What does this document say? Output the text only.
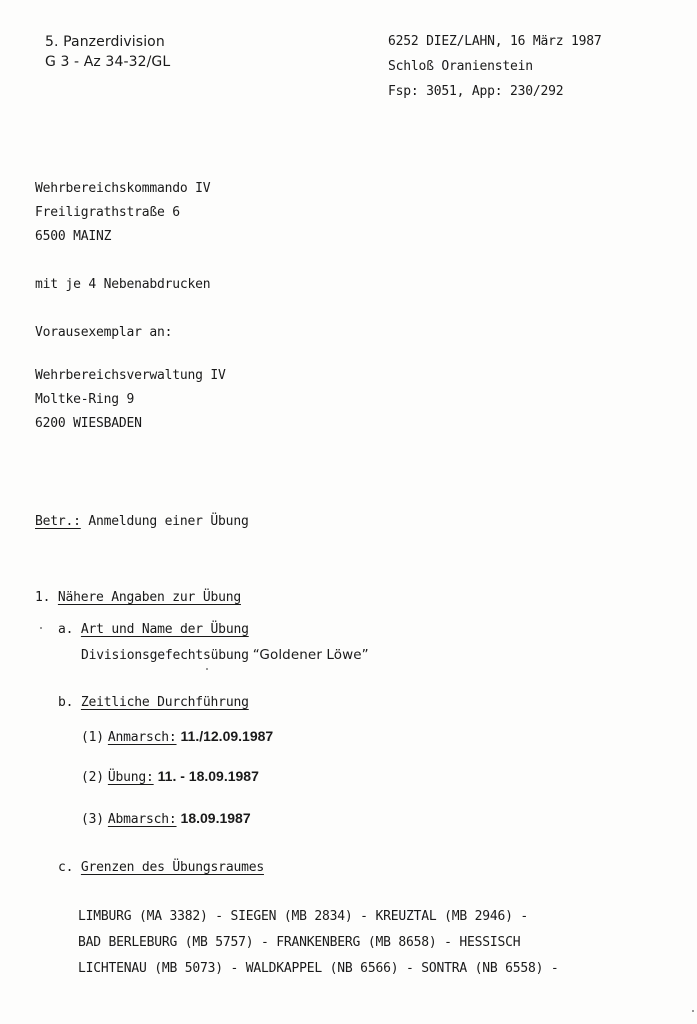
5. Panzerdivision
G 3 - Az 34-32/GL
6252 DIEZ/LAHN, 16 März 1987
Schloß Oranienstein
Fsp: 3051, App: 230/292
Wehrbereichskommando IV
Freiligrathstraße 6
6500 MAINZ
mit je 4 Nebenabdrucken
Vorausexemplar an:
Wehrbereichsverwaltung IV
Moltke-Ring 9
6200 WIESBADEN
Betr.: Anmeldung einer Übung
1. Nähere Angaben zur Übung
a. Art und Name der Übung
Divisionsgefechtsübung “Goldener Löwe”
b. Zeitliche Durchführung
(1) Anmarsch: 11./12.09.1987
(2) Übung: 11. - 18.09.1987
(3) Abmarsch: 18.09.1987
c. Grenzen des Übungsraumes
LIMBURG (MA 3382) - SIEGEN (MB 2834) - KREUZTAL (MB 2946) -
BAD BERLEBURG (MB 5757) - FRANKENBERG (MB 8658) - HESSISCH
LICHTENAU (MB 5073) - WALDKAPPEL (NB 6566) - SONTRA (NB 6558) -
